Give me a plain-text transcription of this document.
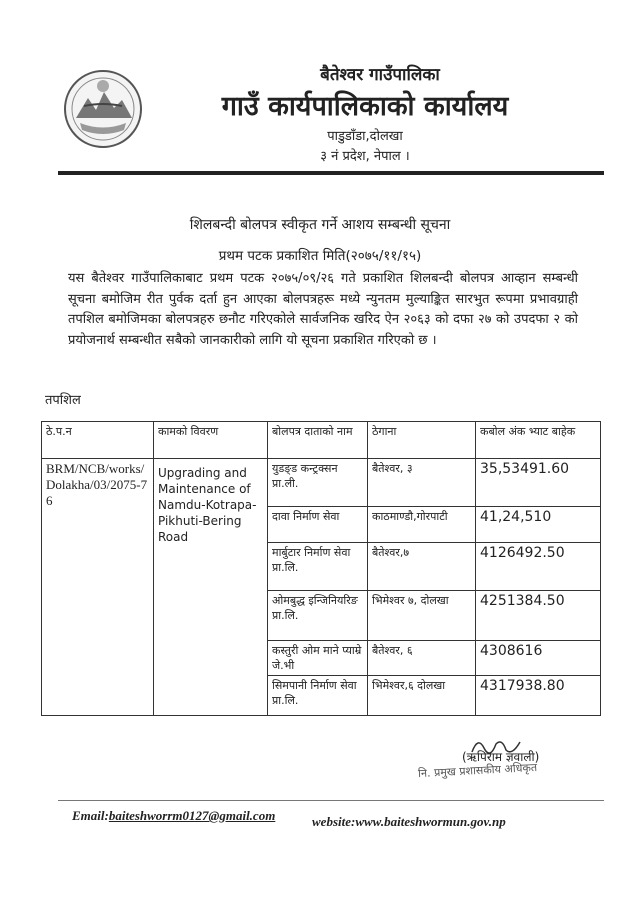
बैतेश्वर गाउँपालिका
गाउँ कार्यपालिकाको कार्यालय
पाडुडाँडा,दोलखा
३ नं प्रदेश, नेपाल ।
शिलबन्दी बोलपत्र स्वीकृत गर्ने आशय सम्बन्धी सूचना
प्रथम पटक प्रकाशित मिति(२०७५/११/१५)
यस बैतेश्वर गाउँपालिकाबाट प्रथम पटक २०७५/०९/२६ गते प्रकाशित शिलबन्दी बोलपत्र आव्हान सम्बन्धी सूचना बमोजिम रीत पुर्वक दर्ता हुन आएका बोलपत्रहरू मध्ये न्युनतम मुल्याङ्कित सारभुत रूपमा प्रभावग्राही तपशिल बमोजिमका बोलपत्रहरु छनौट गरिएकोले सार्वजनिक खरिद ऐन २०६३ को दफा २७ को उपदफा २ को प्रयोजनार्थ सम्बन्धीत सबैको जानकारीको लागि यो सूचना प्रकाशित गरिएको छ ।
तपशिल
ठे.प.न	कामको विवरण	बोलपत्र दाताको नाम	ठेगाना	कबोल अंक भ्याट बाहेक
BRM/NCB/works/Dolakha/03/2075-76	Upgrading and Maintenance of Namdu-Kotrapa-Pikhuti-Bering Road	युडङ्ड कन्ट्रक्सन प्रा.ली.	बैतेश्वर, ३	35,53491.60
		दावा निर्माण सेवा	काठमाण्डौ,गोरपाटी	41,24,510
		मार्बुटार निर्माण सेवा प्रा.लि.	बैतेश्वर,७	4126492.50
		ओमबुद्ध इन्जिनियरिङ प्रा.लि.	भिमेश्वर ७, दोलखा	4251384.50
		कस्तुरी ओम माने प्याम्रे जे.भी	बैतेश्वर, ६	4308616
		सिमपानी निर्माण सेवा प्रा.लि.	भिमेश्वर,६ दोलखा	4317938.80
(ऋपिराम ज्ञवाली)
नि. प्रमुख प्रशासकीय अधिकृत
Email:baiteshworrm0127@gmail.com	website:www.baiteshwormun.gov.np
